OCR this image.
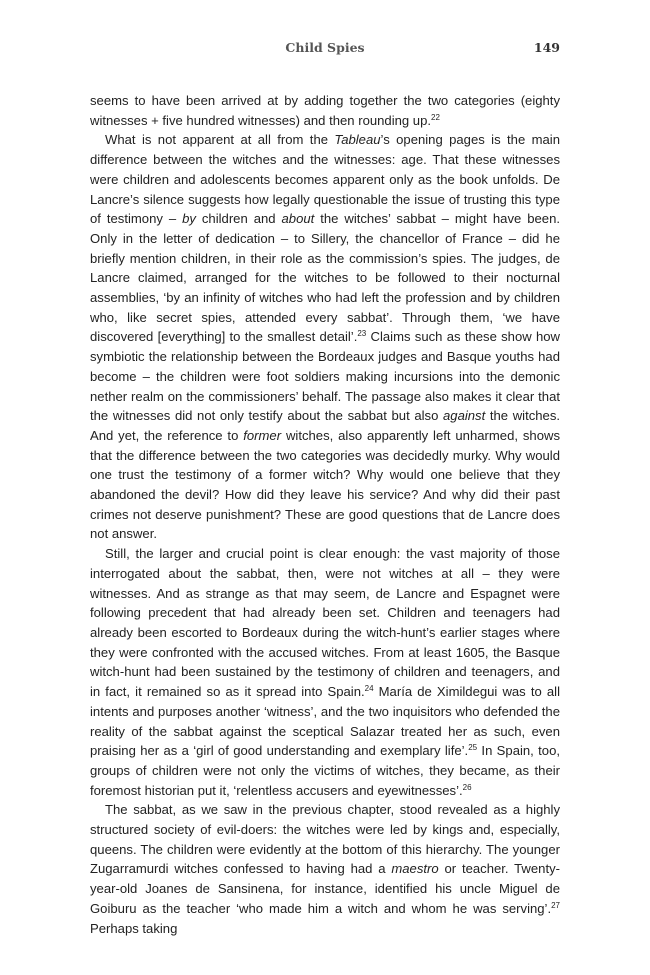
Child Spies	149

seems to have been arrived at by adding together the two categories (eighty witnesses + five hundred witnesses) and then rounding up.$^{22}$

What is not apparent at all from the Tableau’s opening pages is the main difference between the witches and the witnesses: age. That these witnesses were children and adolescents becomes apparent only as the book unfolds. De Lancre’s silence suggests how legally questionable the issue of trusting this type of testimony – by children and about the witches’ sabbat – might have been. Only in the letter of dedication – to Sillery, the chancellor of France – did he briefly mention children, in their role as the commission’s spies. The judges, de Lancre claimed, arranged for the witches to be followed to their nocturnal assemblies, ‘by an infinity of witches who had left the profession and by children who, like secret spies, attended every sabbat’. Through them, ‘we have discovered [everything] to the smallest detail’.$^{23}$ Claims such as these show how symbiotic the relationship between the Bordeaux judges and Basque youths had become – the children were foot soldiers making incursions into the demonic nether realm on the commissioners’ behalf. The passage also makes it clear that the witnesses did not only testify about the sabbat but also against the witches. And yet, the reference to former witches, also apparently left unharmed, shows that the difference between the two categories was decidedly murky. Why would one trust the testimony of a former witch? Why would one believe that they abandoned the devil? How did they leave his service? And why did their past crimes not deserve punishment? These are good questions that de Lancre does not answer.

Still, the larger and crucial point is clear enough: the vast majority of those interrogated about the sabbat, then, were not witches at all – they were witnesses. And as strange as that may seem, de Lancre and Espagnet were following precedent that had already been set. Children and teenagers had already been escorted to Bordeaux during the witch-hunt’s earlier stages where they were confronted with the accused witches. From at least 1605, the Basque witch-hunt had been sustained by the testimony of children and teenagers, and in fact, it remained so as it spread into Spain.$^{24}$ María de Ximildegui was to all intents and purposes another ‘witness’, and the two inquisitors who defended the reality of the sabbat against the sceptical Salazar treated her as such, even praising her as a ‘girl of good understanding and exemplary life’.$^{25}$ In Spain, too, groups of children were not only the victims of witches, they became, as their foremost historian put it, ‘relentless accusers and eyewitnesses’.$^{26}$

The sabbat, as we saw in the previous chapter, stood revealed as a highly structured society of evil-doers: the witches were led by kings and, especially, queens. The children were evidently at the bottom of this hierarchy. The younger Zugarramurdi witches confessed to having had a maestro or teacher. Twenty-year-old Joanes de Sansinena, for instance, identified his uncle Miguel de Goiburu as the teacher ‘who made him a witch and whom he was serving’.$^{27}$ Perhaps taking
